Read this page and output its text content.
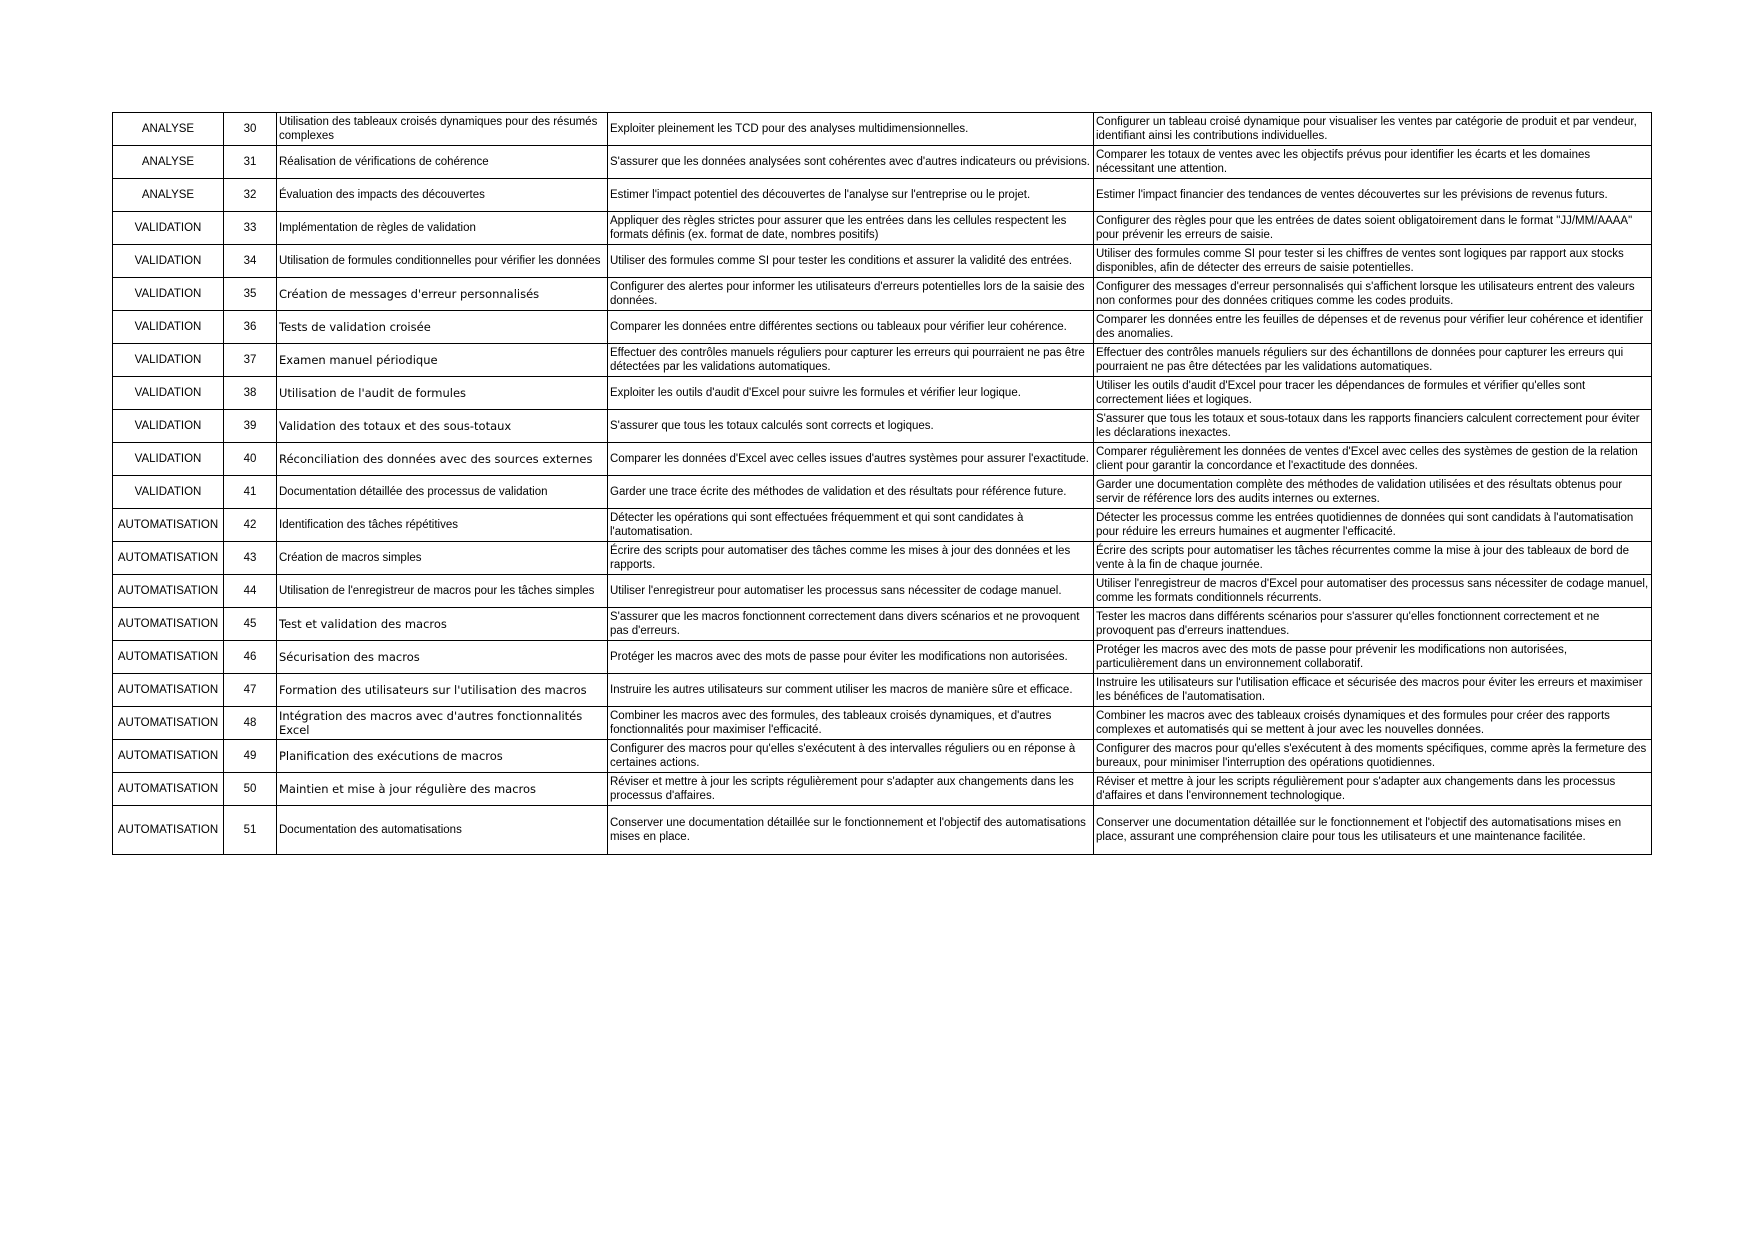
ANALYSE	30	Utilisation des tableaux croisés dynamiques pour des résumés complexes	Exploiter pleinement les TCD pour des analyses multidimensionnelles.	Configurer un tableau croisé dynamique pour visualiser les ventes par catégorie de produit et par vendeur, identifiant ainsi les contributions individuelles.
ANALYSE	31	Réalisation de vérifications de cohérence	S'assurer que les données analysées sont cohérentes avec d'autres indicateurs ou prévisions.	Comparer les totaux de ventes avec les objectifs prévus pour identifier les écarts et les domaines nécessitant une attention.
ANALYSE	32	Évaluation des impacts des découvertes	Estimer l'impact potentiel des découvertes de l'analyse sur l'entreprise ou le projet.	Estimer l'impact financier des tendances de ventes découvertes sur les prévisions de revenus futurs.
VALIDATION	33	Implémentation de règles de validation	Appliquer des règles strictes pour assurer que les entrées dans les cellules respectent les formats définis (ex. format de date, nombres positifs)	Configurer des règles pour que les entrées de dates soient obligatoirement dans le format "JJ/MM/AAAA" pour prévenir les erreurs de saisie.
VALIDATION	34	Utilisation de formules conditionnelles pour vérifier les données	Utiliser des formules comme SI pour tester les conditions et assurer la validité des entrées.	Utiliser des formules comme SI pour tester si les chiffres de ventes sont logiques par rapport aux stocks disponibles, afin de détecter des erreurs de saisie potentielles.
VALIDATION	35	Création de messages d'erreur personnalisés	Configurer des alertes pour informer les utilisateurs d'erreurs potentielles lors de la saisie des données.	Configurer des messages d'erreur personnalisés qui s'affichent lorsque les utilisateurs entrent des valeurs non conformes pour des données critiques comme les codes produits.
VALIDATION	36	Tests de validation croisée	Comparer les données entre différentes sections ou tableaux pour vérifier leur cohérence.	Comparer les données entre les feuilles de dépenses et de revenus pour vérifier leur cohérence et identifier des anomalies.
VALIDATION	37	Examen manuel périodique	Effectuer des contrôles manuels réguliers pour capturer les erreurs qui pourraient ne pas être détectées par les validations automatiques.	Effectuer des contrôles manuels réguliers sur des échantillons de données pour capturer les erreurs qui pourraient ne pas être détectées par les validations automatiques.
VALIDATION	38	Utilisation de l'audit de formules	Exploiter les outils d'audit d'Excel pour suivre les formules et vérifier leur logique.	Utiliser les outils d'audit d'Excel pour tracer les dépendances de formules et vérifier qu'elles sont correctement liées et logiques.
VALIDATION	39	Validation des totaux et des sous-totaux	S'assurer que tous les totaux calculés sont corrects et logiques.	S'assurer que tous les totaux et sous-totaux dans les rapports financiers calculent correctement pour éviter les déclarations inexactes.
VALIDATION	40	Réconciliation des données avec des sources externes	Comparer les données d'Excel avec celles issues d'autres systèmes pour assurer l'exactitude.	Comparer régulièrement les données de ventes d'Excel avec celles des systèmes de gestion de la relation client pour garantir la concordance et l'exactitude des données.
VALIDATION	41	Documentation détaillée des processus de validation	Garder une trace écrite des méthodes de validation et des résultats pour référence future.	Garder une documentation complète des méthodes de validation utilisées et des résultats obtenus pour servir de référence lors des audits internes ou externes.
AUTOMATISATION	42	Identification des tâches répétitives	Détecter les opérations qui sont effectuées fréquemment et qui sont candidates à l'automatisation.	Détecter les processus comme les entrées quotidiennes de données qui sont candidats à l'automatisation pour réduire les erreurs humaines et augmenter l'efficacité.
AUTOMATISATION	43	Création de macros simples	Écrire des scripts pour automatiser des tâches comme les mises à jour des données et les rapports.	Écrire des scripts pour automatiser les tâches récurrentes comme la mise à jour des tableaux de bord de vente à la fin de chaque journée.
AUTOMATISATION	44	Utilisation de l'enregistreur de macros pour les tâches simples	Utiliser l'enregistreur pour automatiser les processus sans nécessiter de codage manuel.	Utiliser l'enregistreur de macros d'Excel pour automatiser des processus sans nécessiter de codage manuel, comme les formats conditionnels récurrents.
AUTOMATISATION	45	Test et validation des macros	S'assurer que les macros fonctionnent correctement dans divers scénarios et ne provoquent pas d'erreurs.	Tester les macros dans différents scénarios pour s'assurer qu'elles fonctionnent correctement et ne provoquent pas d'erreurs inattendues.
AUTOMATISATION	46	Sécurisation des macros	Protéger les macros avec des mots de passe pour éviter les modifications non autorisées.	Protéger les macros avec des mots de passe pour prévenir les modifications non autorisées, particulièrement dans un environnement collaboratif.
AUTOMATISATION	47	Formation des utilisateurs sur l'utilisation des macros	Instruire les autres utilisateurs sur comment utiliser les macros de manière sûre et efficace.	Instruire les utilisateurs sur l'utilisation efficace et sécurisée des macros pour éviter les erreurs et maximiser les bénéfices de l'automatisation.
AUTOMATISATION	48	Intégration des macros avec d'autres fonctionnalités Excel	Combiner les macros avec des formules, des tableaux croisés dynamiques, et d'autres fonctionnalités pour maximiser l'efficacité.	Combiner les macros avec des tableaux croisés dynamiques et des formules pour créer des rapports complexes et automatisés qui se mettent à jour avec les nouvelles données.
AUTOMATISATION	49	Planification des exécutions de macros	Configurer des macros pour qu'elles s'exécutent à des intervalles réguliers ou en réponse à certaines actions.	Configurer des macros pour qu'elles s'exécutent à des moments spécifiques, comme après la fermeture des bureaux, pour minimiser l'interruption des opérations quotidiennes.
AUTOMATISATION	50	Maintien et mise à jour régulière des macros	Réviser et mettre à jour les scripts régulièrement pour s'adapter aux changements dans les processus d'affaires.	Réviser et mettre à jour les scripts régulièrement pour s'adapter aux changements dans les processus d'affaires et dans l'environnement technologique.
AUTOMATISATION	51	Documentation des automatisations	Conserver une documentation détaillée sur le fonctionnement et l'objectif des automatisations mises en place.	Conserver une documentation détaillée sur le fonctionnement et l'objectif des automatisations mises en place, assurant une compréhension claire pour tous les utilisateurs et une maintenance facilitée.
